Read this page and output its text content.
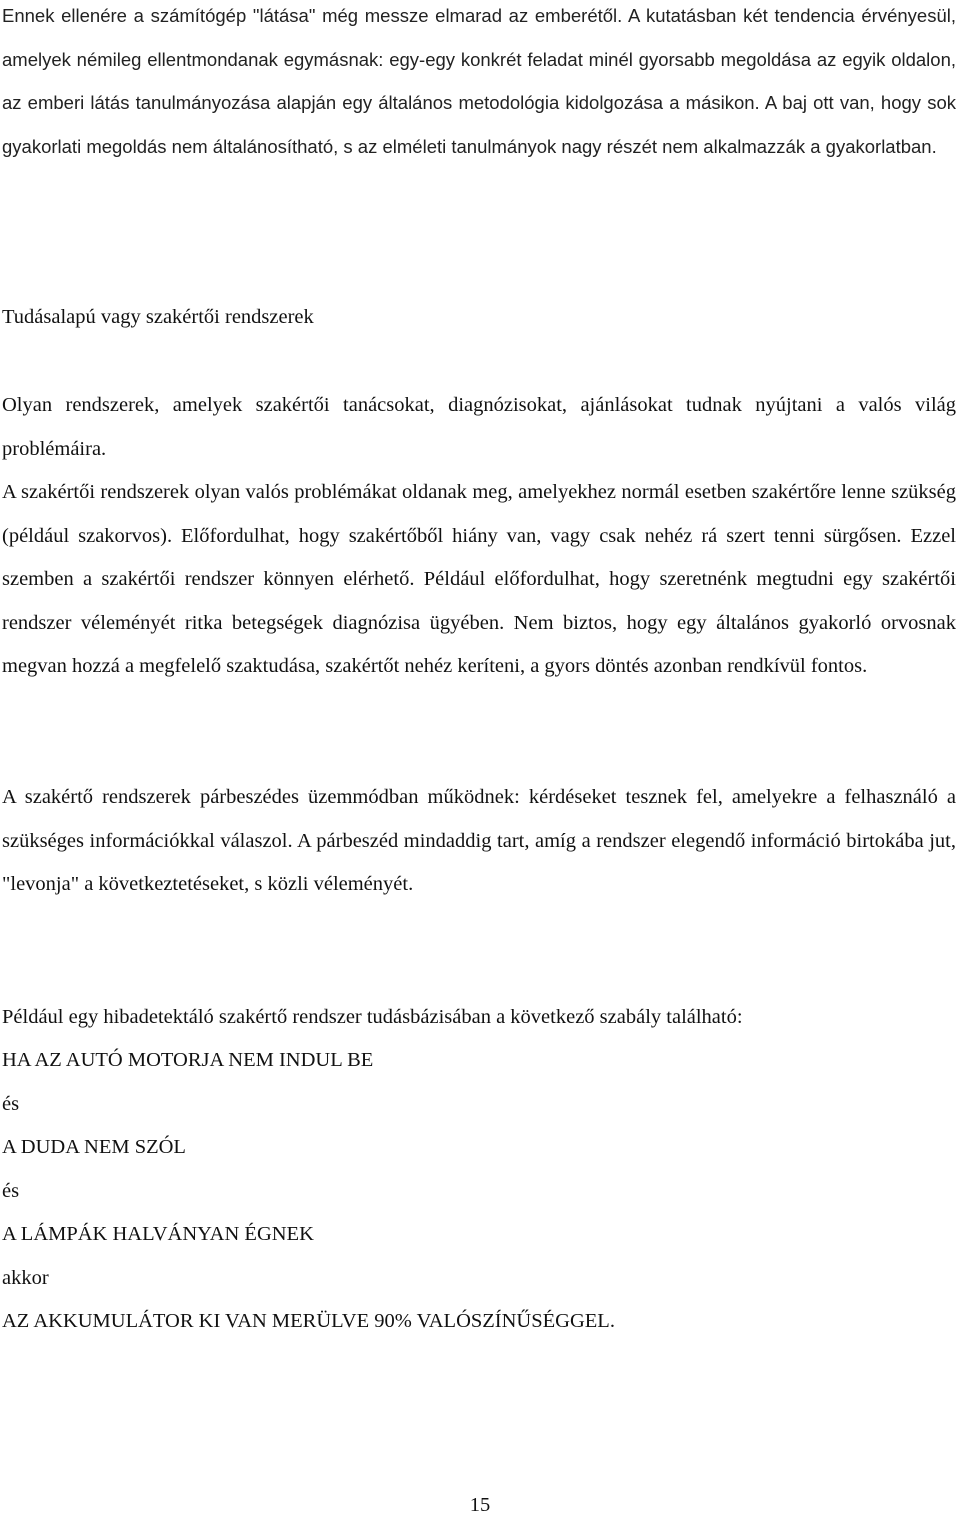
Ennek ellenére a számítógép "látása" még messze elmarad az emberétől. A kutatásban két tendencia érvényesül, amelyek némileg ellentmondanak egymásnak: egy-egy konkrét feladat minél gyorsabb megoldása az egyik oldalon, az emberi látás tanulmányozása alapján egy általános metodológia kidolgozása a másikon. A baj ott van, hogy sok gyakorlati megoldás nem általánosítható, s az elméleti tanulmányok nagy részét nem alkalmazzák a gyakorlatban.

Tudásalapú vagy szakértői rendszerek

Olyan rendszerek, amelyek szakértői tanácsokat, diagnózisokat, ajánlásokat tudnak nyújtani a valós világ problémáira.

A szakértői rendszerek olyan valós problémákat oldanak meg, amelyekhez normál esetben szakértőre lenne szükség (például szakorvos). Előfordulhat, hogy szakértőből hiány van, vagy csak nehéz rá szert tenni sürgősen. Ezzel szemben a szakértői rendszer könnyen elérhető. Például előfordulhat, hogy szeretnénk megtudni egy szakértői rendszer véleményét ritka betegségek diagnózisa ügyében. Nem biztos, hogy egy általános gyakorló orvosnak megvan hozzá a megfelelő szaktudása, szakértőt nehéz keríteni, a gyors döntés azonban rendkívül fontos.

A szakértő rendszerek párbeszédes üzemmódban működnek: kérdéseket tesznek fel, amelyekre a felhasználó a szükséges információkkal válaszol. A párbeszéd mindaddig tart, amíg a rendszer elegendő információ birtokába jut, "levonja" a következtetéseket, s közli véleményét.

Például egy hibadetektáló szakértő rendszer tudásbázisában a következő szabály található:

HA AZ AUTÓ MOTORJA NEM INDUL BE

és

A DUDA NEM SZÓL

és

A LÁMPÁK HALVÁNYAN ÉGNEK

akkor

AZ AKKUMULÁTOR KI VAN MERÜLVE 90% VALÓSZÍNŰSÉGGEL.

15
